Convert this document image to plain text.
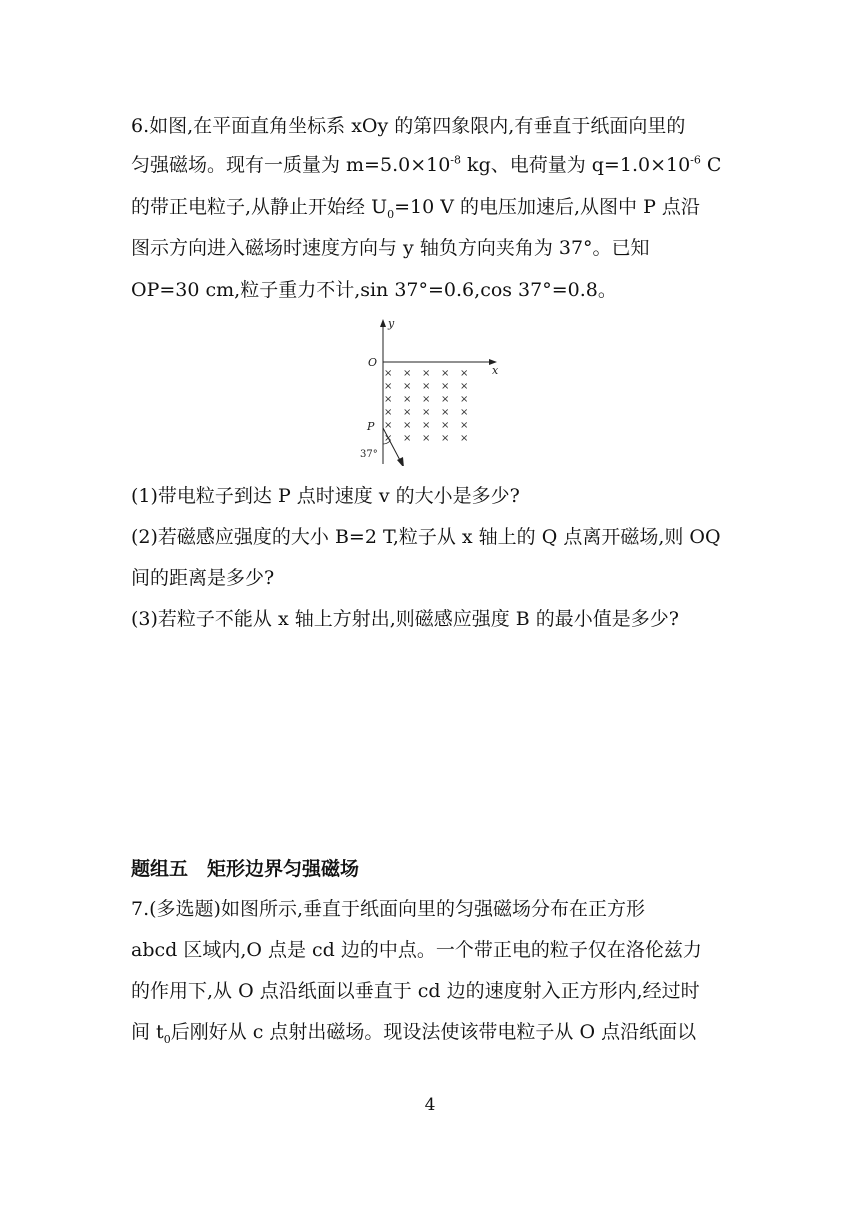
6.如图,在平面直角坐标系 xOy 的第四象限内,有垂直于纸面向里的
匀强磁场。现有一质量为 $m=5.0\times 10^{-8}$ kg、电荷量为 $q=1.0\times 10^{-6}$ C
的带正电粒子,从静止开始经 $U_0=10$ V 的电压加速后,从图中 P 点沿
图示方向进入磁场时速度方向与 y 轴负方向夹角为 37°。已知
OP=30 cm,粒子重力不计,sin 37°=0.6,cos 37°=0.8。
y
x
O
P
37°
× × × × ×
× × × × ×
× × × × ×
× × × × ×
× × × × ×
× × × × ×
(1)带电粒子到达 P 点时速度 v 的大小是多少?
(2)若磁感应强度的大小 B=2 T,粒子从 x 轴上的 Q 点离开磁场,则 OQ
间的距离是多少?
(3)若粒子不能从 x 轴上方射出,则磁感应强度 B 的最小值是多少?
题组五　矩形边界匀强磁场
7.(多选题)如图所示,垂直于纸面向里的匀强磁场分布在正方形
abcd 区域内,O 点是 cd 边的中点。一个带正电的粒子仅在洛伦兹力
的作用下,从 O 点沿纸面以垂直于 cd 边的速度射入正方形内,经过时
间 $t_0$后刚好从 c 点射出磁场。现设法使该带电粒子从 O 点沿纸面以
4
